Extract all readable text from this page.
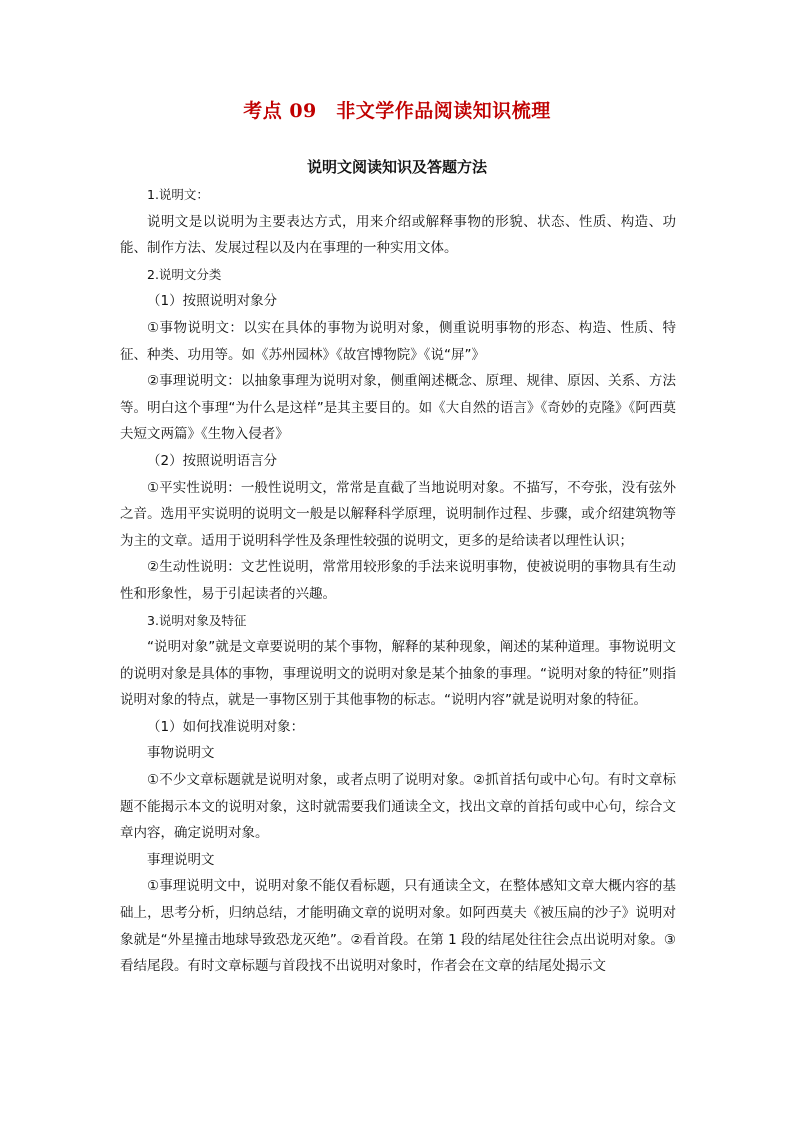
考点 09　非文学作品阅读知识梳理
说明文阅读知识及答题方法

1.说明文：

说明文是以说明为主要表达方式，用来介绍或解释事物的形貌、状态、性质、构造、功能、制作方法、发展过程以及内在事理的一种实用文体。

2.说明文分类

（1）按照说明对象分

①事物说明文：以实在具体的事物为说明对象，侧重说明事物的形态、构造、性质、特征、种类、功用等。如《苏州园林》《故宫博物院》《说“屏”》

②事理说明文：以抽象事理为说明对象，侧重阐述概念、原理、规律、原因、关系、方法等。明白这个事理“为什么是这样”是其主要目的。如《大自然的语言》《奇妙的克隆》《阿西莫夫短文两篇》《生物入侵者》

（2）按照说明语言分

①平实性说明：一般性说明文，常常是直截了当地说明对象。不描写，不夸张，没有弦外之音。选用平实说明的说明文一般是以解释科学原理，说明制作过程、步骤，或介绍建筑物等为主的文章。适用于说明科学性及条理性较强的说明文，更多的是给读者以理性认识；

②生动性说明：文艺性说明，常常用较形象的手法来说明事物，使被说明的事物具有生动性和形象性，易于引起读者的兴趣。

3.说明对象及特征

“说明对象”就是文章要说明的某个事物，解释的某种现象，阐述的某种道理。事物说明文的说明对象是具体的事物，事理说明文的说明对象是某个抽象的事理。“说明对象的特征”则指说明对象的特点，就是一事物区别于其他事物的标志。“说明内容”就是说明对象的特征。

（1）如何找准说明对象：

事物说明文

①不少文章标题就是说明对象，或者点明了说明对象。②抓首括句或中心句。有时文章标题不能揭示本文的说明对象，这时就需要我们通读全文，找出文章的首括句或中心句，综合文章内容，确定说明对象。

事理说明文

①事理说明文中，说明对象不能仅看标题，只有通读全文，在整体感知文章大概内容的基础上，思考分析，归纳总结，才能明确文章的说明对象。如阿西莫夫《被压扁的沙子》说明对象就是“外星撞击地球导致恐龙灭绝”。②看首段。在第 1 段的结尾处往往会点出说明对象。③看结尾段。有时文章标题与首段找不出说明对象时，作者会在文章的结尾处揭示文
